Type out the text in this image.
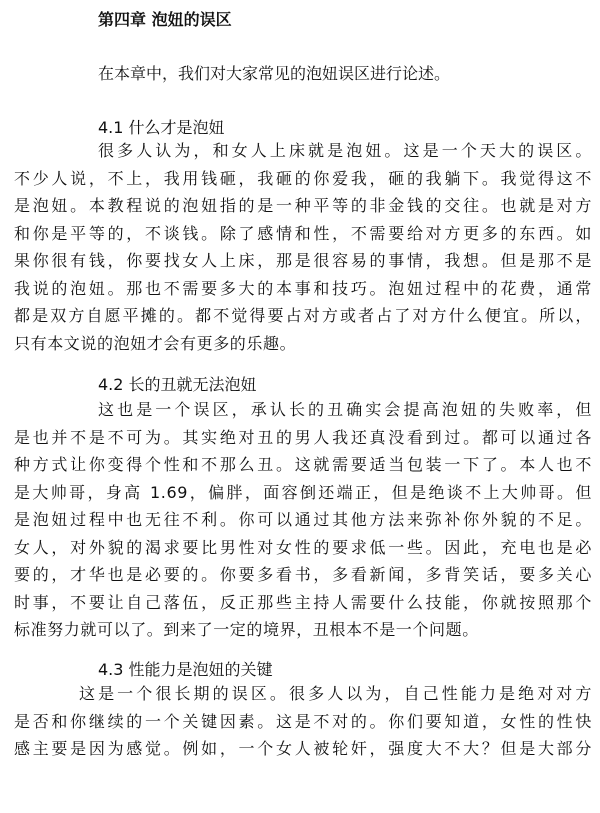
第四章 泡妞的误区
在本章中，我们对大家常见的泡妞误区进行论述。
4.1 什么才是泡妞
很多人认为，和女人上床就是泡妞。这是一个天大的误区。
不少人说，不上，我用钱砸，我砸的你爱我，砸的我躺下。我觉得这不
是泡妞。本教程说的泡妞指的是一种平等的非金钱的交往。也就是对方
和你是平等的，不谈钱。除了感情和性，不需要给对方更多的东西。如
果你很有钱，你要找女人上床，那是很容易的事情，我想。但是那不是
我说的泡妞。那也不需要多大的本事和技巧。泡妞过程中的花费，通常
都是双方自愿平摊的。都不觉得要占对方或者占了对方什么便宜。所以，
只有本文说的泡妞才会有更多的乐趣。
4.2 长的丑就无法泡妞
这也是一个误区，承认长的丑确实会提高泡妞的失败率，但
是也并不是不可为。其实绝对丑的男人我还真没看到过。都可以通过各
种方式让你变得个性和不那么丑。这就需要适当包装一下了。本人也不
是大帅哥，身高 1.69，偏胖，面容倒还端正，但是绝谈不上大帅哥。但
是泡妞过程中也无往不利。你可以通过其他方法来弥补你外貌的不足。
女人，对外貌的渴求要比男性对女性的要求低一些。因此，充电也是必
要的，才华也是必要的。你要多看书，多看新闻，多背笑话，要多关心
时事，不要让自己落伍，反正那些主持人需要什么技能，你就按照那个
标准努力就可以了。到来了一定的境界，丑根本不是一个问题。
4.3 性能力是泡妞的关键
这是一个很长期的误区。很多人以为，自己性能力是绝对对方
是否和你继续的一个关键因素。这是不对的。你们要知道，女性的性快
感主要是因为感觉。例如，一个女人被轮奸，强度大不大？但是大部分
